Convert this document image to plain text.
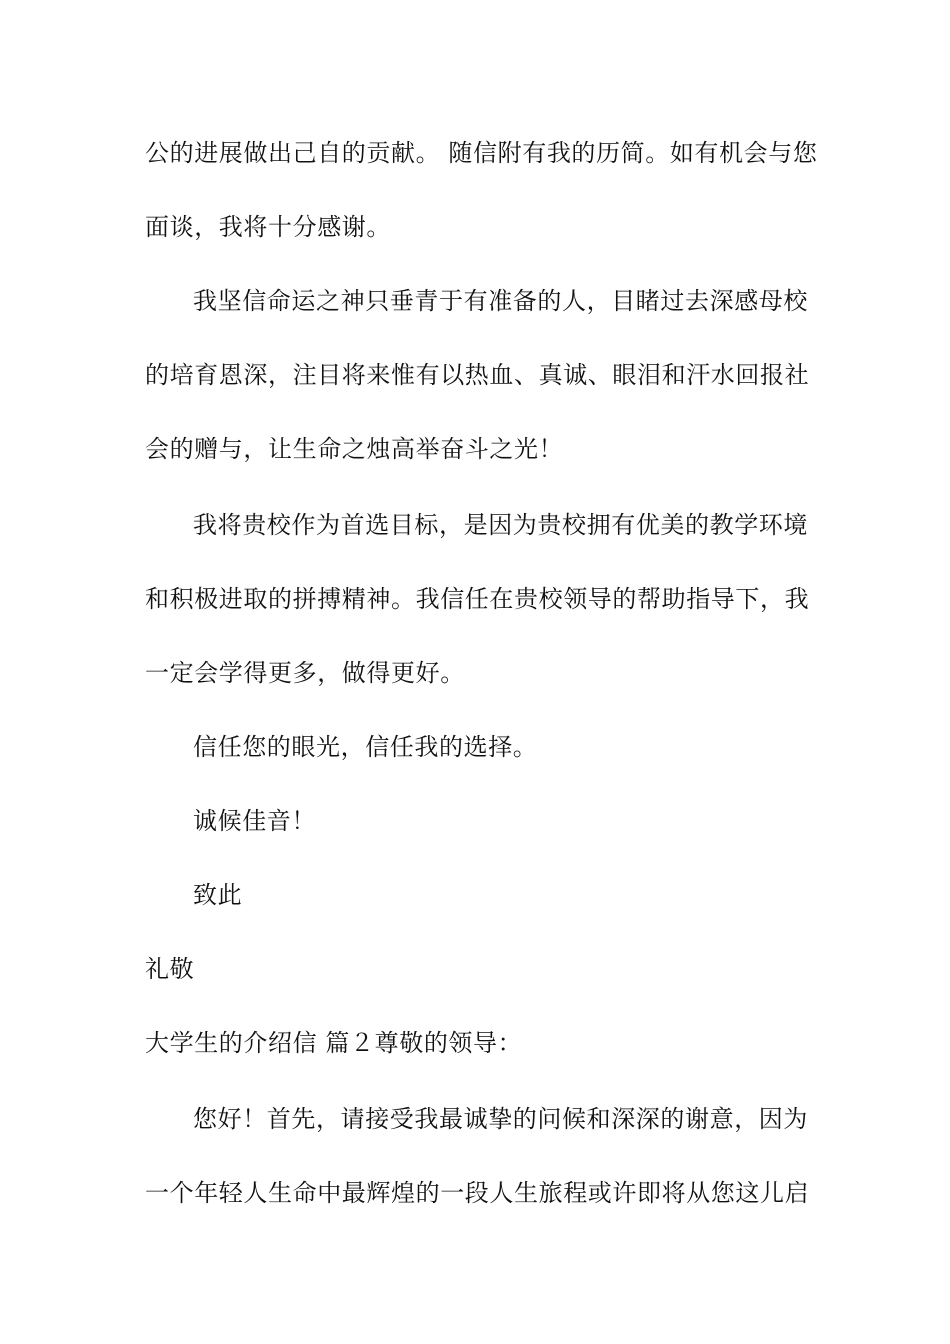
公的进展做出己自的贡献。 随信附有我的历简。如有机会与您
面谈，我将十分感谢。
我坚信命运之神只垂青于有准备的人，目睹过去深感母校
的培育恩深，注目将来惟有以热血、真诚、眼泪和汗水回报社
会的赠与，让生命之烛高举奋斗之光！
我将贵校作为首选目标，是因为贵校拥有优美的教学环境
和积极进取的拼搏精神。我信任在贵校领导的帮助指导下，我
一定会学得更多，做得更好。
信任您的眼光，信任我的选择。
诚候佳音！
致此
礼敬
大学生的介绍信 篇２尊敬的领导：
您好！首先，请接受我最诚挚的问候和深深的谢意，因为
一个年轻人生命中最辉煌的一段人生旅程或许即将从您这儿启
